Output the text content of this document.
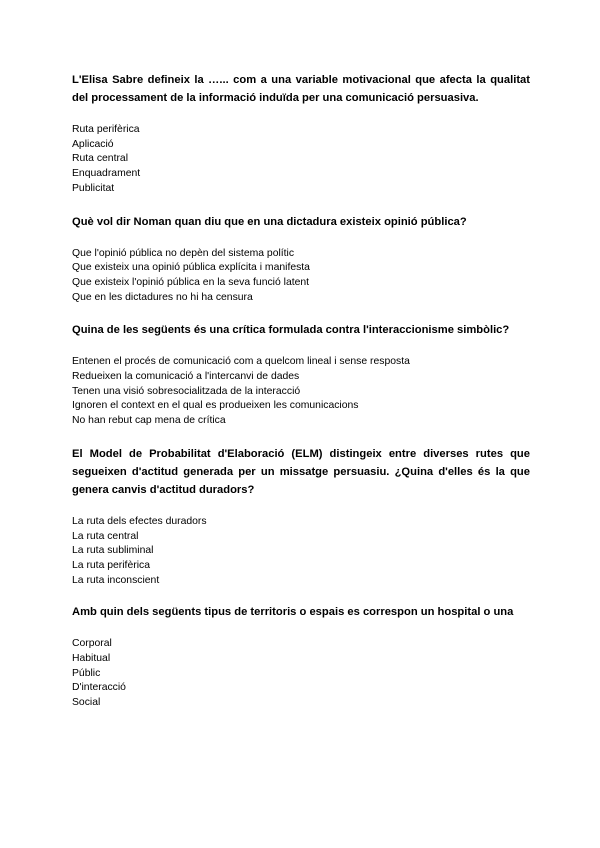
L'Elisa Sabre defineix la …... com a una variable motivacional que afecta la qualitat del processament de la informació induïda per una comunicació persuasiva.

Ruta perifèrica
Aplicació
Ruta central
Enquadrament
Publicitat

Què vol dir Noman quan diu que en una dictadura existeix opinió pública?

Que l'opinió pública no depèn del sistema polític
Que existeix una opinió pública explícita i manifesta
Que existeix l'opinió pública en la seva funció latent
Que en les dictadures no hi ha censura

Quina de les següents és una crítica formulada contra l'interaccionisme simbòlic?

Entenen el procés de comunicació com a quelcom lineal i sense resposta
Redueixen la comunicació a l'intercanvi de dades
Tenen una visió sobresocialitzada de la interacció
Ignoren el context en el qual es produeixen les comunicacions
No han rebut cap mena de crítica

El Model de Probabilitat d'Elaboració (ELM) distingeix entre diverses rutes que segueixen d'actitud generada per un missatge persuasiu. ¿Quina d'elles és la que genera canvis d'actitud duradors?

La ruta dels efectes duradors
La ruta central
La ruta subliminal
La ruta perifèrica
La ruta inconscient

Amb quin dels següents tipus de territoris o espais es correspon un hospital o una

Corporal
Habitual
Públic
D'interacció
Social
